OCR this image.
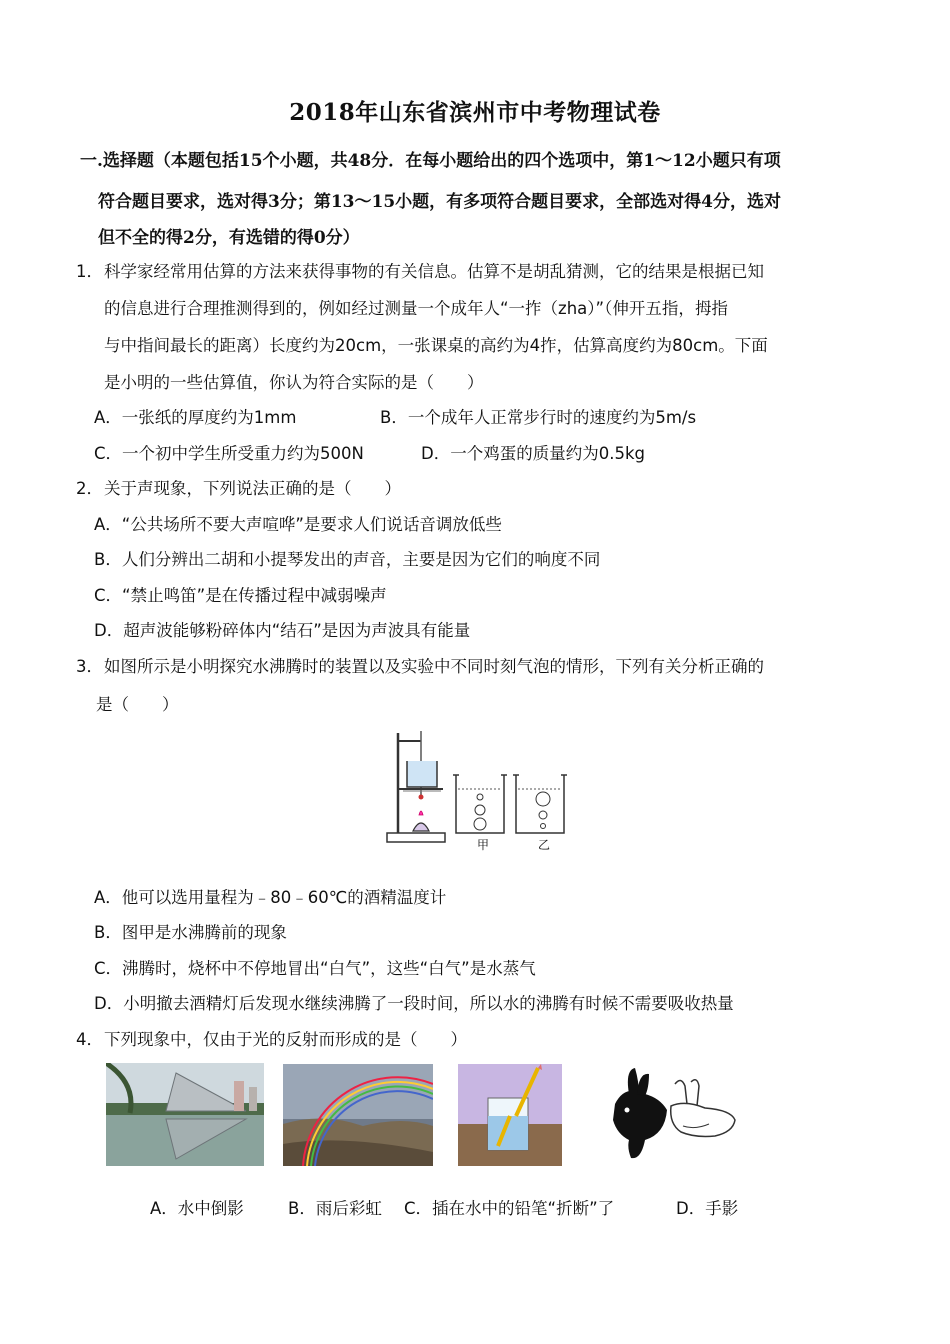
2018年山东省滨州市中考物理试卷
一.选择题（本题包括15个小题，共48分．在每小题给出的四个选项中，第1～12小题只有项
符合题目要求，选对得3分；第13～15小题，有多项符合题目要求，全部选对得4分，选对
但不全的得2分，有选错的得0分）
1． 科学家经常用估算的方法来获得事物的有关信息。估算不是胡乱猜测，它的结果是根据已知
的信息进行合理推测得到的，例如经过测量一个成年人“一拃（zha）”（伸开五指，拇指
与中指间最长的距离）长度约为20cm，一张课桌的高约为4拃，估算高度约为80cm。下面
是小明的一些估算值，你认为符合实际的是（　　）
A．一张纸的厚度约为1mm	B．一个成年人正常步行时的速度约为5m/s
C．一个初中学生所受重力约为500N	D．一个鸡蛋的质量约为0.5kg
2． 关于声现象，下列说法正确的是（　　）
A．“公共场所不要大声喧哗”是要求人们说话音调放低些
B．人们分辨出二胡和小提琴发出的声音，主要是因为它们的响度不同
C．“禁止鸣笛”是在传播过程中减弱噪声
D．超声波能够粉碎体内“结石”是因为声波具有能量
3． 如图所示是小明探究水沸腾时的装置以及实验中不同时刻气泡的情形，下列有关分析正确的
是（　　）
甲	乙
A．他可以选用量程为﹣80﹣60℃的酒精温度计
B．图甲是水沸腾前的现象
C．沸腾时，烧杯中不停地冒出“白气”，这些“白气”是水蒸气
D．小明撤去酒精灯后发现水继续沸腾了一段时间，所以水的沸腾有时候不需要吸收热量
4． 下列现象中，仅由于光的反射而形成的是（　　）
A．水中倒影	B．雨后彩虹 C．插在水中的铅笔“折断”了	D．手影
